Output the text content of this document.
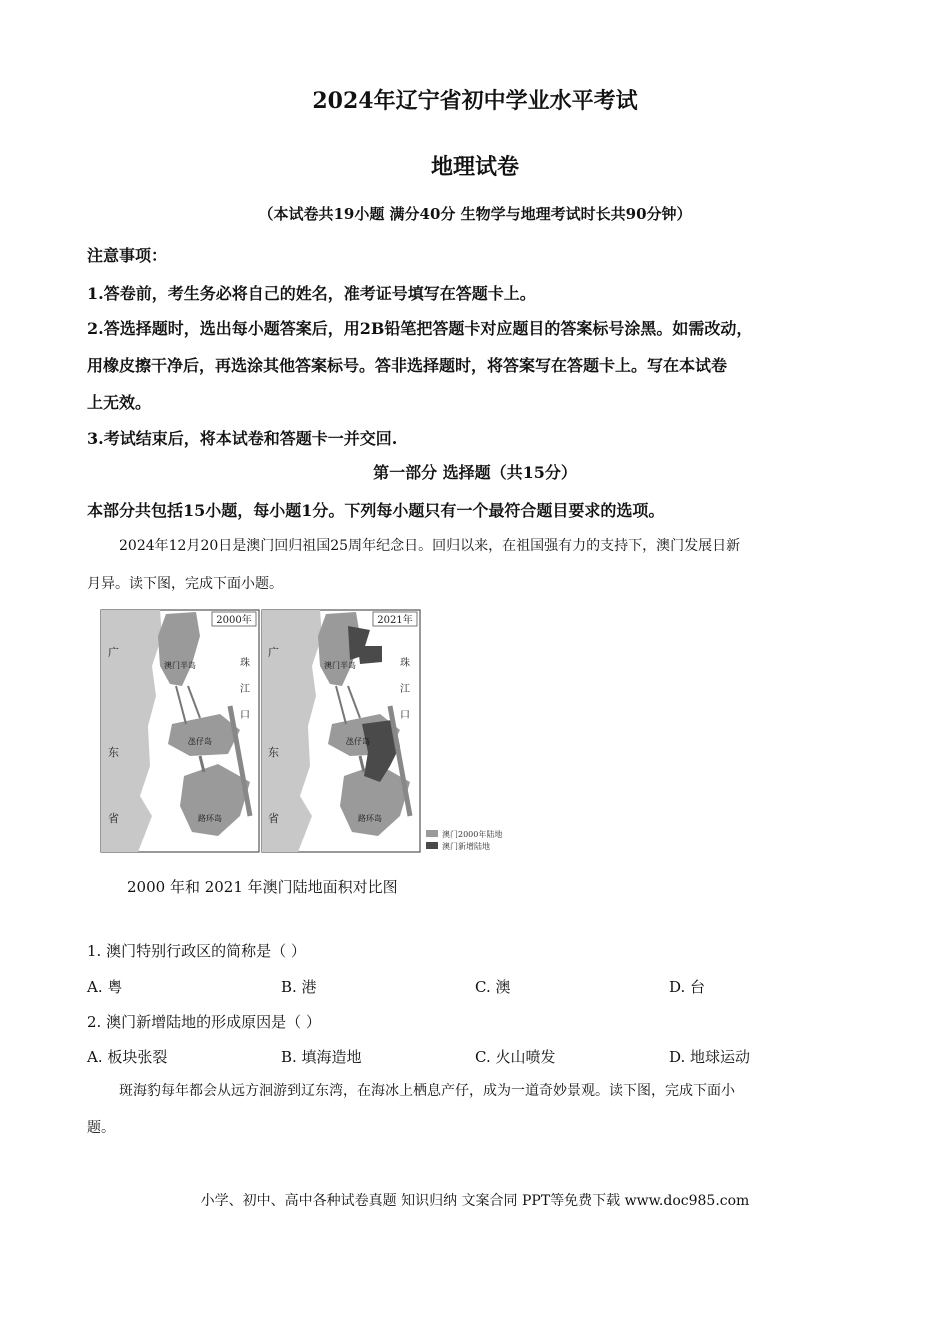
2024年辽宁省初中学业水平考试
地理试卷
（本试卷共19小题 满分40分 生物学与地理考试时长共90分钟）
注意事项：
1.答卷前，考生务必将自己的姓名，准考证号填写在答题卡上。
2.答选择题时，选出每小题答案后，用2B铅笔把答题卡对应题目的答案标号涂黑。如需改动，
用橡皮擦干净后，再选涂其他答案标号。答非选择题时，将答案写在答题卡上。写在本试卷
上无效。
3.考试结束后，将本试卷和答题卡一并交回.
第一部分 选择题（共15分）
本部分共包括15小题，每小题1分。下列每小题只有一个最符合题目要求的选项。
2024年12月20日是澳门回归祖国25周年纪念日。回归以来，在祖国强有力的支持下，澳门发展日新
月异。读下图，完成下面小题。
2000年
广
东
省
珠
江
口
澳门半岛
氹仔岛
路环岛
2021年
广
东
省
珠
江
口
澳门半岛
氹仔岛
路环岛
澳门2000年陆地
澳门新增陆地
2000 年和 2021 年澳门陆地面积对比图
1. 澳门特别行政区的简称是（ ）
A. 粤	B. 港	C. 澳	D. 台
2. 澳门新增陆地的形成原因是（ ）
A. 板块张裂	B. 填海造地	C. 火山喷发	D. 地球运动
斑海豹每年都会从远方洄游到辽东湾，在海冰上栖息产仔，成为一道奇妙景观。读下图，完成下面小
题。
小学、初中、高中各种试卷真题 知识归纳 文案合同 PPT等免费下载 www.doc985.com
